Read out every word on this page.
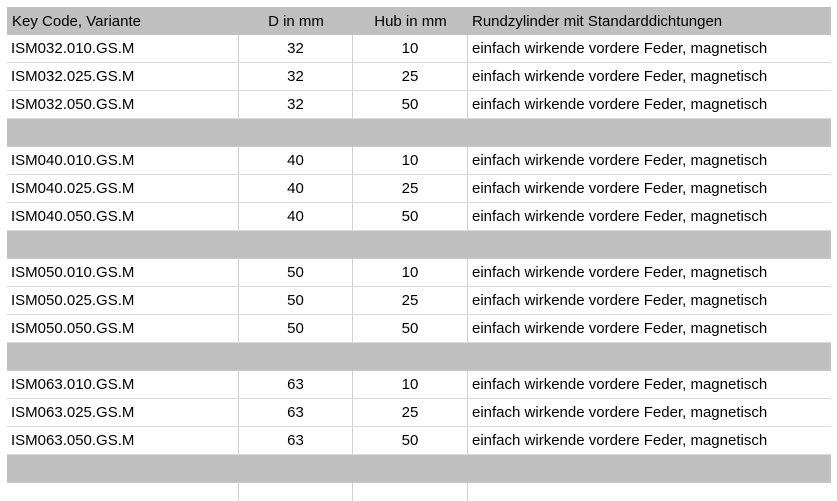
Key Code, Variante	D in mm	Hub in mm	Rundzylinder mit Standarddichtungen
ISM032.010.GS.M	32	10	einfach wirkende vordere Feder, magnetisch
ISM032.025.GS.M	32	25	einfach wirkende vordere Feder, magnetisch
ISM032.050.GS.M	32	50	einfach wirkende vordere Feder, magnetisch
ISM040.010.GS.M	40	10	einfach wirkende vordere Feder, magnetisch
ISM040.025.GS.M	40	25	einfach wirkende vordere Feder, magnetisch
ISM040.050.GS.M	40	50	einfach wirkende vordere Feder, magnetisch
ISM050.010.GS.M	50	10	einfach wirkende vordere Feder, magnetisch
ISM050.025.GS.M	50	25	einfach wirkende vordere Feder, magnetisch
ISM050.050.GS.M	50	50	einfach wirkende vordere Feder, magnetisch
ISM063.010.GS.M	63	10	einfach wirkende vordere Feder, magnetisch
ISM063.025.GS.M	63	25	einfach wirkende vordere Feder, magnetisch
ISM063.050.GS.M	63	50	einfach wirkende vordere Feder, magnetisch
